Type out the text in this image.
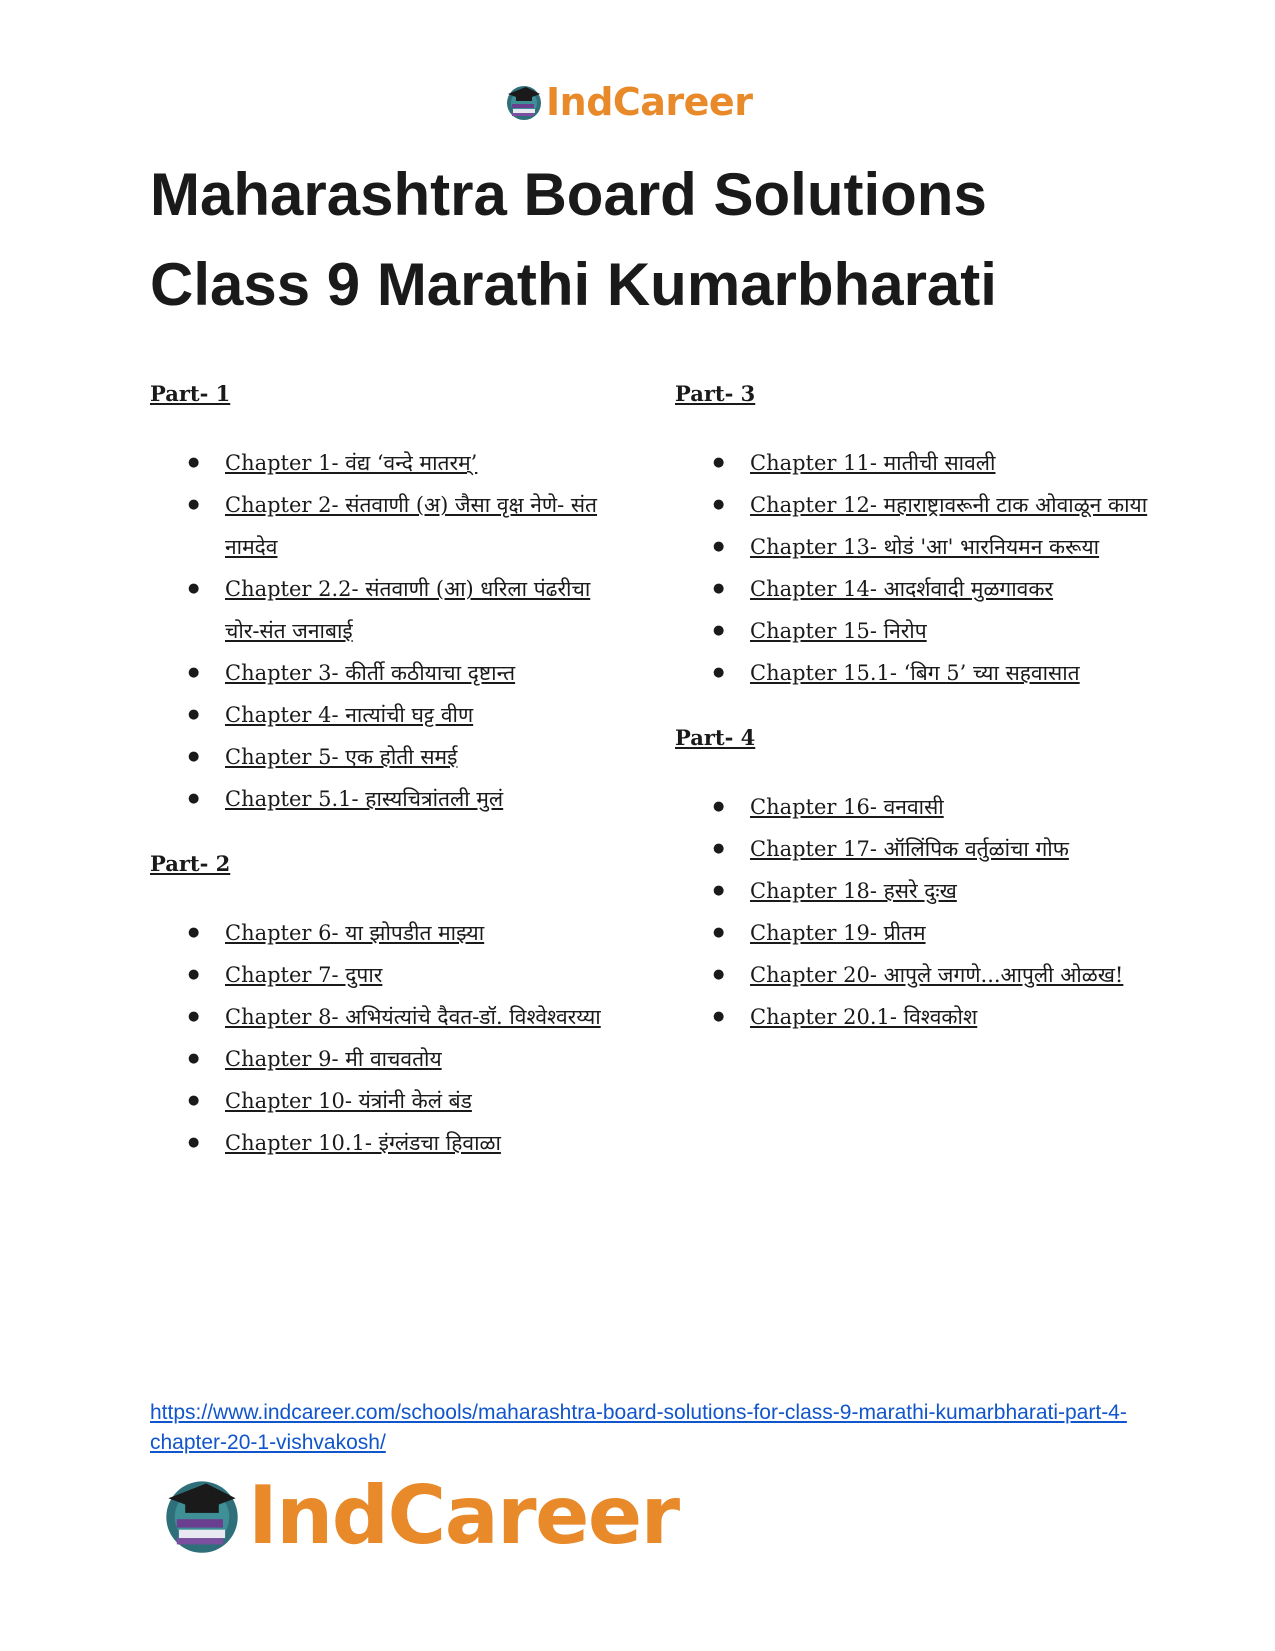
IndCareer
Maharashtra Board Solutions
Class 9 Marathi Kumarbharati
Part- 1
● Chapter 1- वंद्य ‘वन्दे मातरम्’
● Chapter 2- संतवाणी (अ) जैसा वृक्ष नेणे- संत नामदेव
● Chapter 2.2- संतवाणी (आ) धरिला पंढरीचा चोर-संत जनाबाई
● Chapter 3- कीर्ती कठीयाचा दृष्टान्त
● Chapter 4- नात्यांची घट्ट वीण
● Chapter 5- एक होती समई
● Chapter 5.1- हास्यचित्रांतली मुलं
Part- 2
● Chapter 6- या झोपडीत माझ्या
● Chapter 7- दुपार
● Chapter 8- अभियंत्यांचे दैवत-डॉ. विश्वेश्वरय्या
● Chapter 9- मी वाचवतोय
● Chapter 10- यंत्रांनी केलं बंड
● Chapter 10.1- इंग्लंडचा हिवाळा
Part- 3
● Chapter 11- मातीची सावली
● Chapter 12- महाराष्ट्रावरूनी टाक ओवाळून काया
● Chapter 13- थोडं 'आ' भारनियमन करूया
● Chapter 14- आदर्शवादी मुळगावकर
● Chapter 15- निरोप
● Chapter 15.1- ‘बिग 5’ च्या सहवासात
Part- 4
● Chapter 16- वनवासी
● Chapter 17- ऑलिंपिक वर्तुळांचा गोफ
● Chapter 18- हसरे दुःख
● Chapter 19- प्रीतम
● Chapter 20- आपुले जगणे...आपुली ओळख!
● Chapter 20.1- विश्वकोश
https://www.indcareer.com/schools/maharashtra-board-solutions-for-class-9-marathi-kumarbharati-part-4-chapter-20-1-vishvakosh/
IndCareer
